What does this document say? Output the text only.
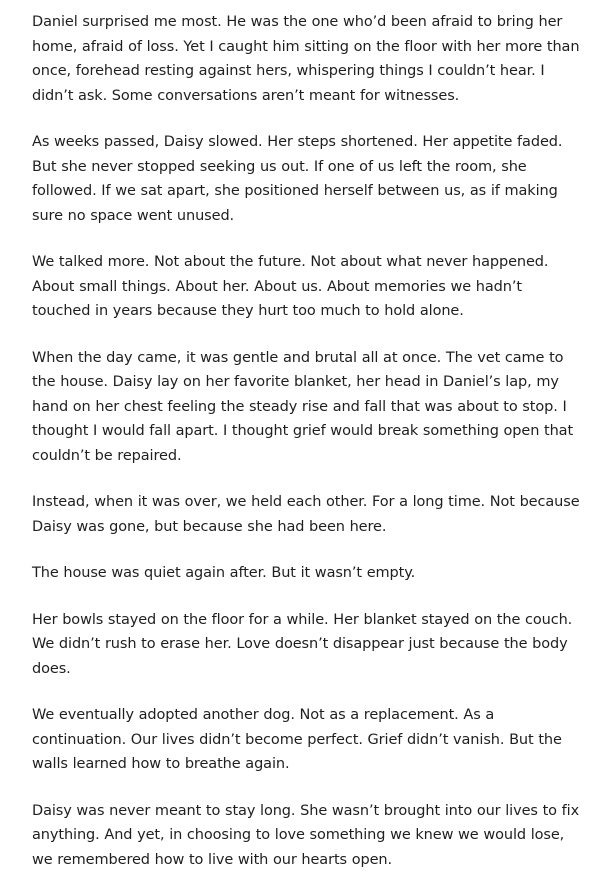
Daniel surprised me most. He was the one who’d been afraid to bring her home, afraid of loss. Yet I caught him sitting on the floor with her more than once, forehead resting against hers, whispering things I couldn’t hear. I didn’t ask. Some conversations aren’t meant for witnesses.

As weeks passed, Daisy slowed. Her steps shortened. Her appetite faded. But she never stopped seeking us out. If one of us left the room, she followed. If we sat apart, she positioned herself between us, as if making sure no space went unused.

We talked more. Not about the future. Not about what never happened. About small things. About her. About us. About memories we hadn’t touched in years because they hurt too much to hold alone.

When the day came, it was gentle and brutal all at once. The vet came to the house. Daisy lay on her favorite blanket, her head in Daniel’s lap, my hand on her chest feeling the steady rise and fall that was about to stop. I thought I would fall apart. I thought grief would break something open that couldn’t be repaired.

Instead, when it was over, we held each other. For a long time. Not because Daisy was gone, but because she had been here.

The house was quiet again after. But it wasn’t empty.

Her bowls stayed on the floor for a while. Her blanket stayed on the couch. We didn’t rush to erase her. Love doesn’t disappear just because the body does.

We eventually adopted another dog. Not as a replacement. As a continuation. Our lives didn’t become perfect. Grief didn’t vanish. But the walls learned how to breathe again.

Daisy was never meant to stay long. She wasn’t brought into our lives to fix anything. And yet, in choosing to love something we knew we would lose, we remembered how to live with our hearts open.
